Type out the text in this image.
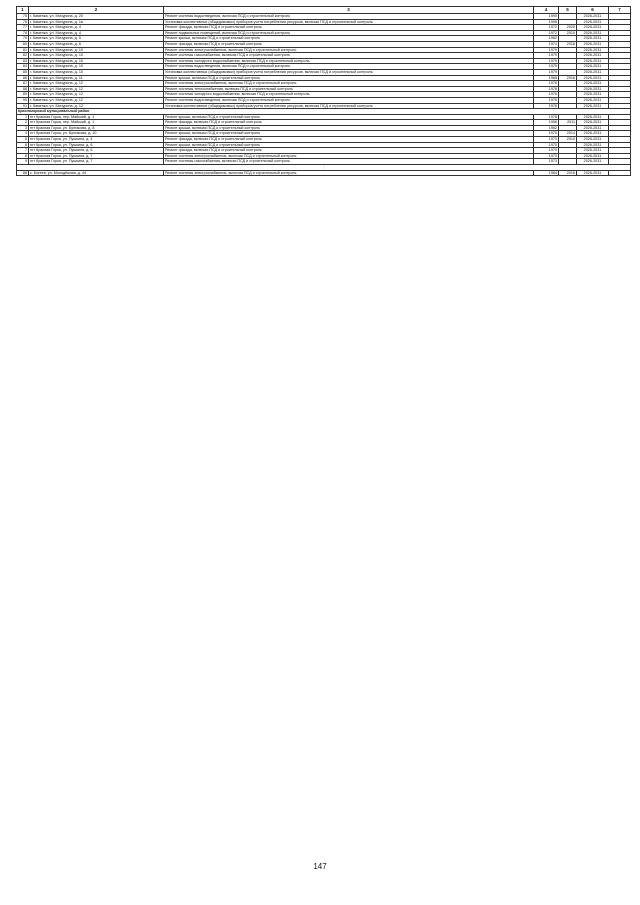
1	2	3	4	5	6	7
75	г. Каменка, ул. Мичурина, д. 20	Ремонт системы водоотведения, включая ПСД и строительный контроль	1990		2026-2031	
76	г. Каменка, ул. Мичурина, д. 1в	Установка коллективных (общедомовых) приборов учета потребления ресурсов, включая ПСД и строительный контроль	1996		2026-2031	
77	г. Каменка, ул. Мичурина, д. 4	Ремонт фасада, включая ПСД и строительный контроль	1972	2020	2026-2031	
78	г. Каменка, ул. Мичурина, д. 4	Ремонт подвальных помещений, включая ПСД и строительный контроль	1972	2010	2026-2031	
79	г. Каменка, ул. Мичурина, д. 5	Ремонт крыши, включая ПСД и строительный контроль	1962		2026-2031	
80	г. Каменка, ул. Мичурина, д. 6	Ремонт фасада, включая ПСД и строительный контроль	1974	2018	2026-2031	
81	г. Каменка, ул. Мичурина, д. 10	Ремонт системы электроснабжения, включая ПСД и строительный контроль	1979		2026-2031	
82	г. Каменка, ул. Мичурина, д. 10	Ремонт системы газоснабжения, включая ПСД и строительный контроль	1979		2026-2031	
83	г. Каменка, ул. Мичурина, д. 10	Ремонт системы холодного водоснабжения, включая ПСД и строительный контроль	1979		2026-2031	
84	г. Каменка, ул. Мичурина, д. 10	Ремонт системы водоотведения, включая ПСД и строительный контроль	1979		2026-2031	
85	г. Каменка, ул. Мичурина, д. 10	Установка коллективных (общедомовых) приборов учета потребления ресурсов, включая ПСД и строительный контроль	1979		2026-2031	
86	г. Каменка, ул. Мичурина, д. 11	Ремонт крыши, включая ПСД и строительный контроль	1968	2016	2026-2031	
87	г. Каменка, ул. Мичурина, д. 12	Ремонт системы электроснабжения, включая ПСД и строительный контроль	1976		2026-2031	
88	г. Каменка, ул. Мичурина, д. 12	Ремонт системы теплоснабжения, включая ПСД и строительный контроль	1976		2026-2031	
89	г. Каменка, ул. Мичурина, д. 12	Ремонт системы холодного водоснабжения, включая ПСД и строительный контроль	1976		2026-2031	
90	г. Каменка, ул. Мичурина, д. 12	Ремонт системы водоотведения, включая ПСД и строительный контроль	1976		2026-2031	
91	г. Каменка, ул. Мичурина, д. 12	Установка коллективных (общедомовых) приборов учета потребления ресурсов, включая ПСД и строительный контроль	1976		2026-2031	
Красногорский муниципальный район						
1	пгт Красная Горка, пер. Майский, д. 1	Ремонт крыши, включая ПСД и строительный контроль	1978		2026-2031	
2	пгт Красная Горка, пер. Майский, д. 1	Ремонт фасада, включая ПСД и строительный контроль	1958	2011	2026-2031	
3	пгт Красная Горка, ул. Булгакова, д. 8	Ремонт крыши, включая ПСД и строительный контроль	1962		2026-2031	
4	пгт Красная Горка, ул. Булгакова, д. 10	Ремонт крыши, включая ПСД и строительный контроль	1970	2014	2026-2031	
5	пгт Красная Горка, ул. Пушкина, д. 4	Ремонт фасада, включая ПСД и строительный контроль	1973	2010	2026-2031	
6	пгт Красная Горка, ул. Пушкина, д. 6	Ремонт крыши, включая ПСД и строительный контроль	1970		2026-2031	
7	пгт Красная Горка, ул. Пушкина, д. 6	Ремонт фасада, включая ПСД и строительный контроль	1970		2026-2031	
8	пгт Красная Горка, ул. Пушкина, д. 7	Ремонт системы электроснабжения, включая ПСД и строительный контроль	1973		2026-2031	
9	пгт Красная Горка, ул. Пушкина, д. 7	Ремонт системы газоснабжения, включая ПСД и строительный контроль	1973		2026-2031	
⋮						
88	с. Бигеев, ул. Молодёжная, д. 44	Ремонт системы электроснабжения, включая ПСД и строительный контроль	1984	2016	2026-2031	
147
